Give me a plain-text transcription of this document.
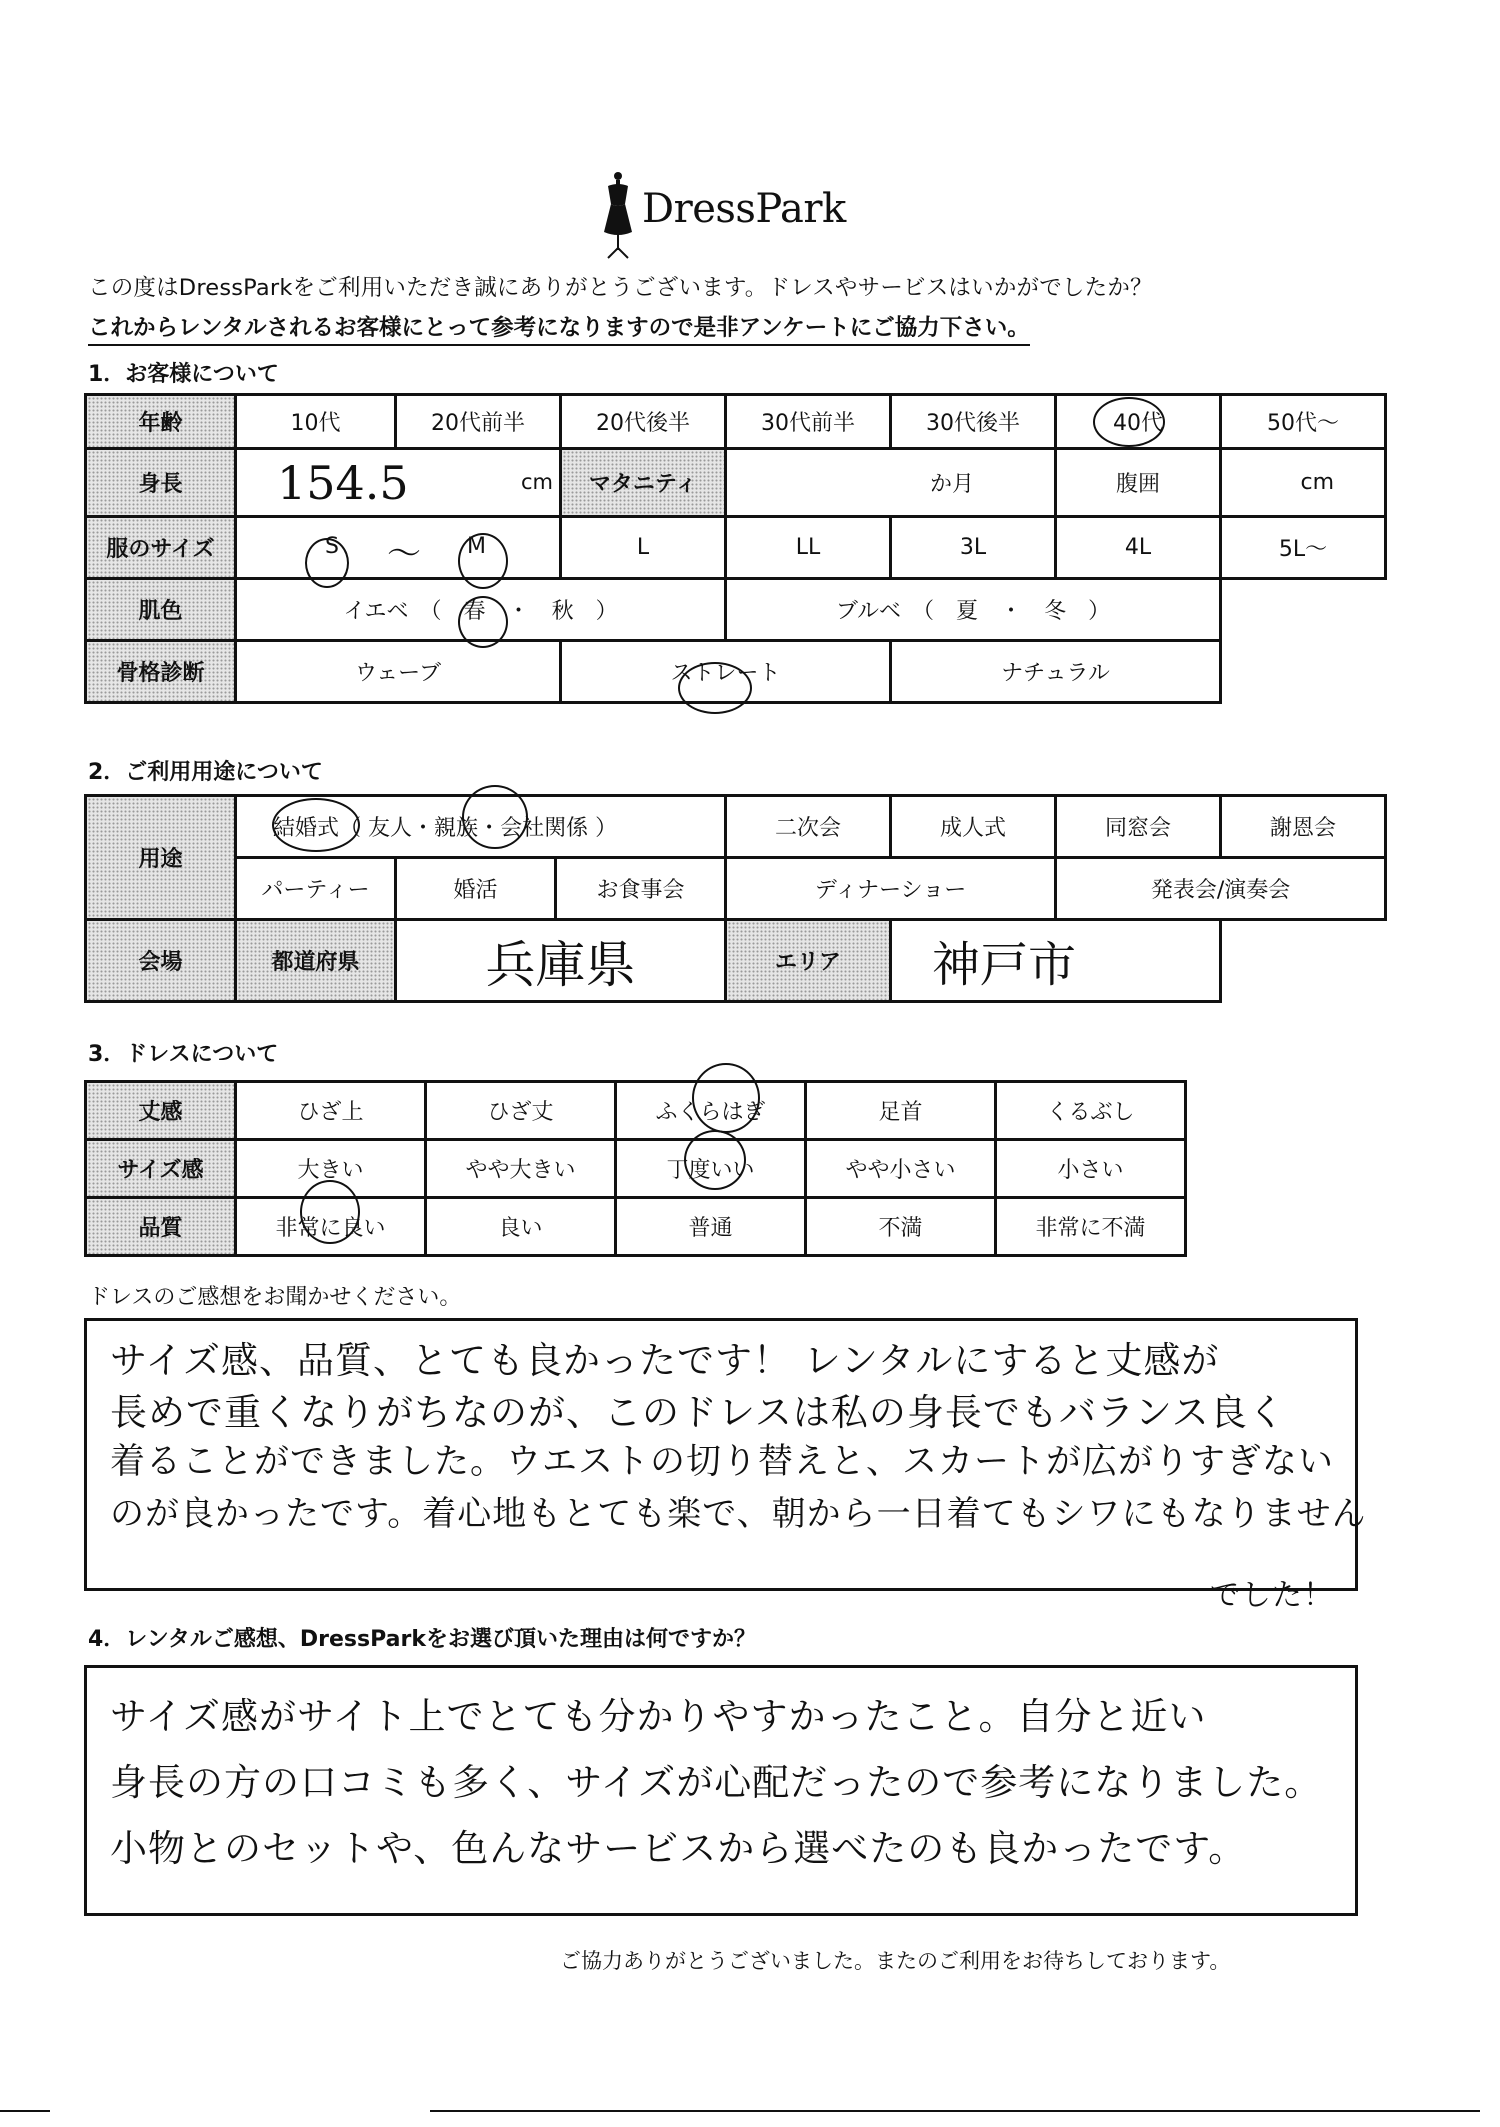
DressPark
この度はDressParkをご利用いただき誠にありがとうございます。ドレスやサービスはいかがでしたか？
これからレンタルされるお客様にとって参考になりますので是非アンケートにご協力下さい。
1．お客様について
年齢	10代	20代前半	20代後半	30代前半	30代後半	40代	50代～
身長	154.5 cm		マタニティ	か月		腹囲	cm
服のサイズ	S ～ M		L	LL	3L	4L	5L～
肌色	イエベ　（　春　・　秋　）			ブルベ　（　夏　・　冬　）			
骨格診断	ウェーブ		ストレート		ナチュラル		
2．ご利用用途について
用途	結婚式（ 友人・親族・会社関係 ）			二次会	成人式	同窓会	謝恩会
	パーティー	婚活	お食事会	ディナーショー		発表会/演奏会	
会場	都道府県	兵庫県		エリア	神戸市		
3．ドレスについて
丈感	ひざ上	ひざ丈	ふくらはぎ	足首	くるぶし
サイズ感	大きい	やや大きい	丁度いい	やや小さい	小さい
品質	非常に良い	良い	普通	不満	非常に不満
ドレスのご感想をお聞かせください。
サイズ感、品質、とても良かったです！ レンタルにすると丈感が
長めで重くなりがちなのが、このドレスは私の身長でもバランス良く
着ることができました。ウエストの切り替えと、スカートが広がりすぎない
のが良かったです。着心地もとても楽で、朝から一日着てもシワにもなりません
でした！
4．レンタルご感想、DressParkをお選び頂いた理由は何ですか？
サイズ感がサイト上でとても分かりやすかったこと。自分と近い
身長の方の口コミも多く、サイズが心配だったので参考になりました。
小物とのセットや、色んなサービスから選べたのも良かったです。
ご協力ありがとうございました。またのご利用をお待ちしております。
